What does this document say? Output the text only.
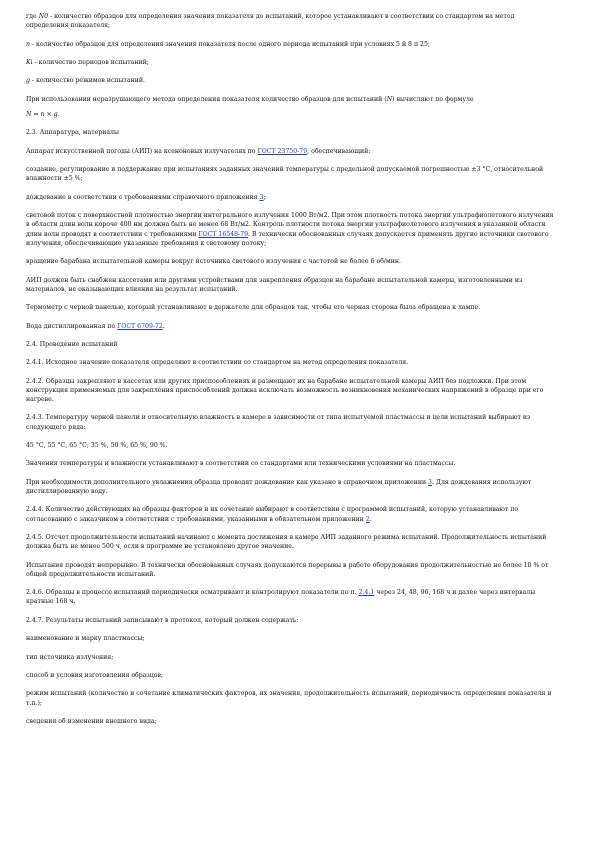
где N0 - количество образцов для определения значения показателя до испытаний, которое устанавливают в соответствии со стандартом на метод определения показателя;

n - количество образцов для определения значения показателя после одного периода испытаний при условиях 5 й 8 п 25;

Ki - количество периодов испытаний;

g - количество режимов испытаний.

При использовании неразрушающего метода определения показателя количество образцов для испытаний (N) вычисляют по формуле

N = n × g.

2.3. Аппаратура, материалы

Аппарат искусственной погоды (АИП) на ксеноновых излучателях по ГОСТ 23750-79, обеспечивающий:

создание, регулирование и поддержание при испытаниях заданных значений температуры с предельной допускаемой погрешностью ±3 °С, относительной влажности ±5 %;

дождевание в соответствии с требованиями справочного приложения 3;

световой поток с поверхностной плотностью энергии интегрального излучения 1000 Вт/м2. При этом плотность потока энергии ультрафиолетового излучения в области длин волн короче 400 нм должна быть не менее 68 Вт/м2. Контроль плотности потока энергии ультрафиолетового излучения в указанной области длин волн проводят в соответствии с требованиями ГОСТ 16548-79. В технически обоснованных случаях допускается применять другие источники светового излучения, обеспечивающие указанные требования к световому потоку;

вращение барабана испытательной камеры вокруг источника светового излучения с частотой не более 6 об/мин.

АИП должен быть снабжен кассетами или другими устройствами для закрепления образцов на барабане испытательной камеры, изготовленными из материалов, не оказывающих влияния на результат испытаний.

Термометр с черной панелью, который устанавливают в держателе для образцов так, чтобы его черная сторона была обращена к лампе.

Вода дистиллированная по ГОСТ 6709-72.

2.4. Проведение испытаний

2.4.1. Исходное значение показателя определяют в соответствии со стандартом на метод определения показателя.

2.4.2. Образцы закрепляют в кассетах или других приспособлениях и размещают их на барабане испытательной камеры АИП без подложки. При этом конструкция применяемых для закрепления приспособлений должна исключать возможность возникновения механических напряжений в образце при его нагреве.

2.4.3. Температуру черной панели и относительную влажность в камере в зависимости от типа испытуемой пластмассы и цели испытаний выбирают из следующего ряда:

45 °С, 55 °С, 65 °С; 35 %, 50 %, 65 %, 90 %.

Значения температуры и влажности устанавливают в соответствии со стандартами или техническими условиями на пластмассы.

При необходимости дополнительного увлажнения образца проводят дождевание как указано в справочном приложении 3. Для дождевания используют дистиллированную воду.

2.4.4. Количество действующих на образцы факторов и их сочетание выбирают в соответствии с программой испытаний, которую устанавливают по согласованию с заказчиком в соответствии с требованиями, указанными в обязательном приложении 2.

2.4.5. Отсчет продолжительности испытаний начинают с момента достижения в камере АИП заданного режима испытаний. Продолжительность испытаний должна быть не менее 500 ч, если в программе не установлено другое значение.

Испытания проводят непрерывно. В технически обоснованных случаях допускаются перерывы в работе оборудования продолжительностью не более 10 % от общей продолжительности испытаний.

2.4.6. Образцы в процессе испытаний периодически осматривают и контролируют показатели по п. 2.4.1 через 24, 48, 96, 168 ч и далее через интервалы кратные 168 ч.

2.4.7. Результаты испытаний записывают в протокол, который должен содержать:

наименование и марку пластмассы;

тип источника излучения;

способ и условия изготовления образцов;

режим испытаний (количество и сочетание климатических факторов, их значения, продолжительность испытаний, периодичность определения показателя и т.п.);

сведения об изменении внешнего вида;
